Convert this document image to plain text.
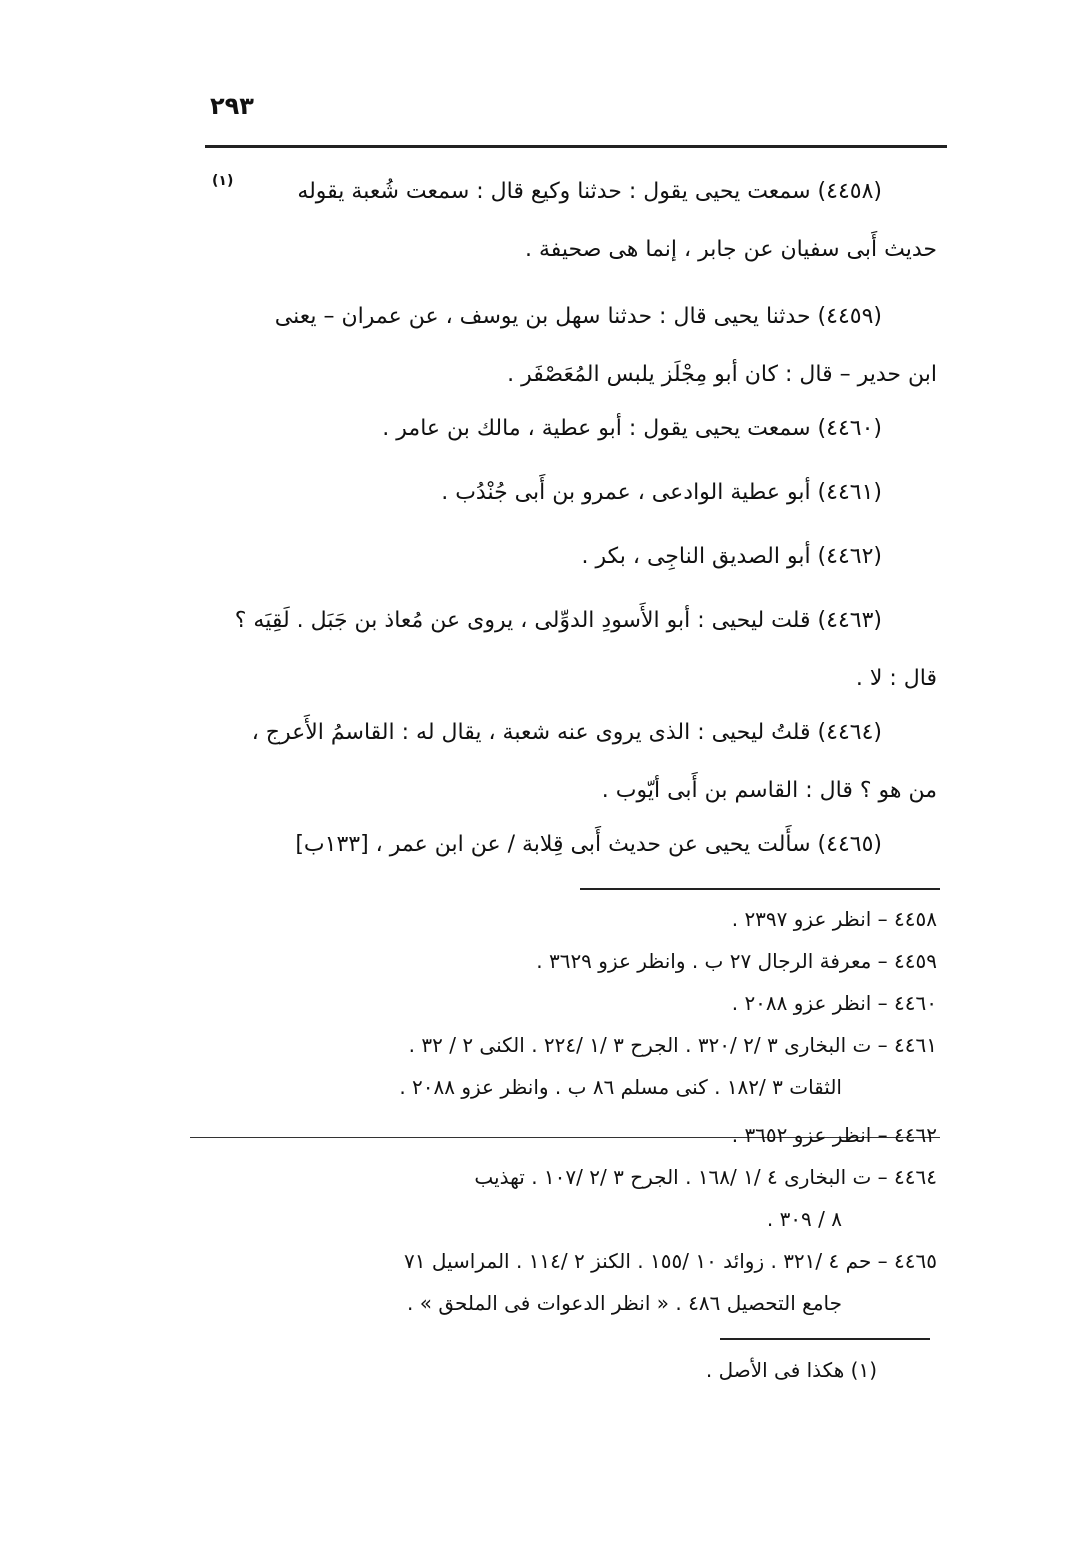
٢٩٣
(١)	(٤٤٥٨) سمعت يحيى يقول : حدثنا وكيع قال : سمعت شُعبة يقوله
حديث أَبى سفيان عن جابر ، إنما هى صحيفة .
(٤٤٥٩) حدثنا يحيى قال : حدثنا سهل بن يوسف ، عن عمران – يعنى
ابن حدير – قال : كان أبو مِجْلَز يلبس المُعَصْفَر .
(٤٤٦٠) سمعت يحيى يقول : أبو عطية ، مالك بن عامر .
(٤٤٦١) أبو عطية الوادعى ، عمرو بن أَبى جُنْدُب .
(٤٤٦٢) أبو الصديق الناجِى ، بكر .
(٤٤٦٣) قلت ليحيى : أبو الأَسودِ الدوِّلى ، يروى عن مُعاذ بن جَبَل . لَقِيَه ؟
قال : لا .
(٤٤٦٤) قلتُ ليحيى : الذى يروى عنه شعبة ، يقال له : القاسمُ الأَعرج ،
من هو ؟ قال : القاسم بن أَبى أيّوب .
(٤٤٦٥) سأَلت يحيى عن حديث أَبى قِلابة / عن ابن عمر ، [١٣٣ب]
٤٤٥٨ – انظر عزو ٢٣٩٧ .
٤٤٥٩ – معرفة الرجال ٢٧ ب . وانظر عزو ٣٦٢٩ .
٤٤٦٠ – انظر عزو ٢٠٨٨ .
٤٤٦١ – ت البخارى ٣ /٢ /٣٢٠ . الجرح ٣ /١ /٢٢٤ . الكنى ٢ / ٣٢ .
الثقات ٣ /١٨٢ . كنى مسلم ٨٦ ب . وانظر عزو ٢٠٨٨ .
٤٤٦٢ – انظر عزو ٣٦٥٢ .
٤٤٦٤ – ت البخارى ٤ /١ /١٦٨ . الجرح ٣ /٢ /١٠٧ . تهذيب
٨ / ٣٠٩ .
٤٤٦٥ – حم ٤ /٣٢١ . زوائد ١٠ /١٥٥ . الكنز ٢ /١١٤ . المراسيل ٧١
جامع التحصيل ٤٨٦ . « انظر الدعوات فى الملحق » .
(١) هكذا فى الأصل .
